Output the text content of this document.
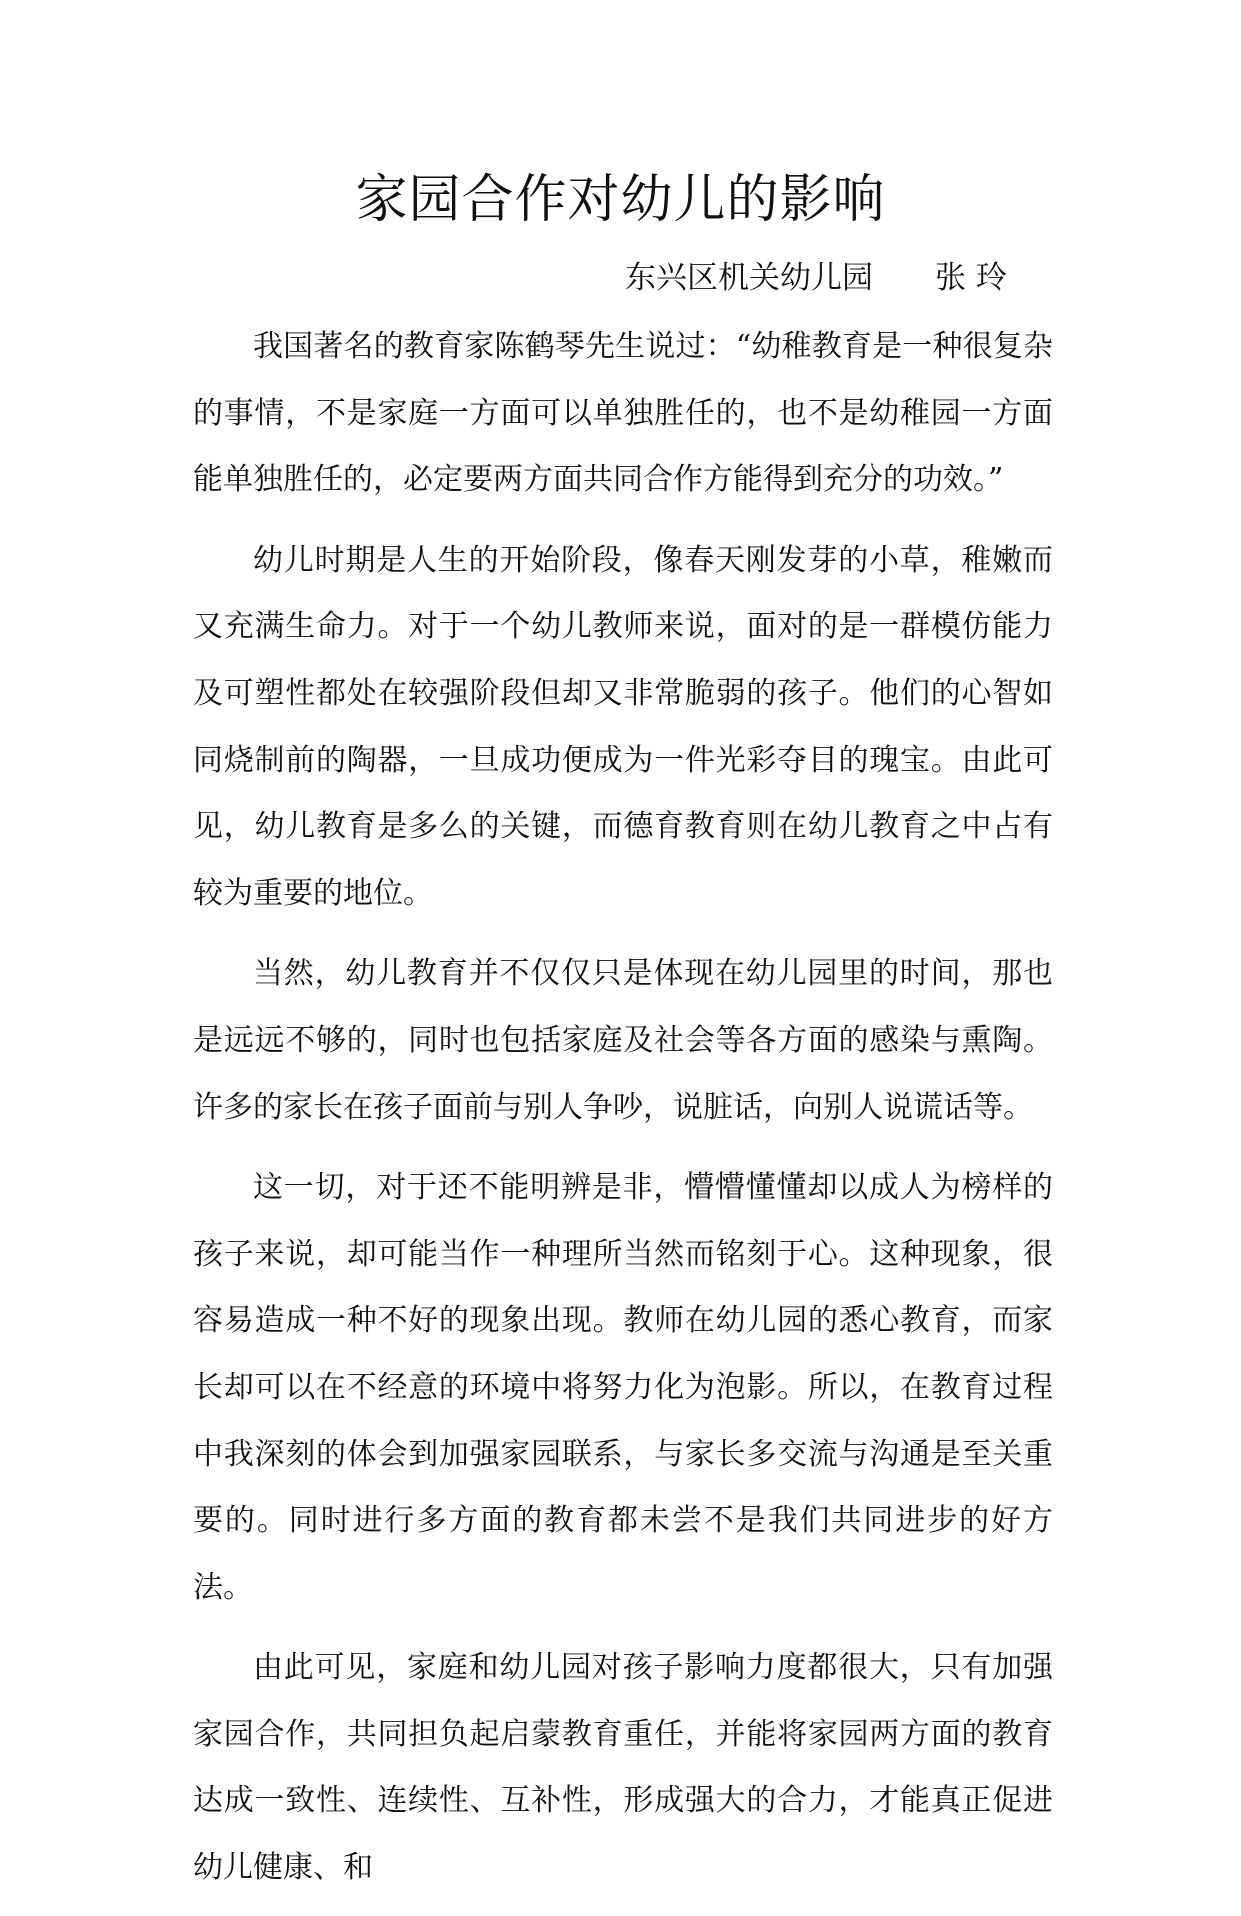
家园合作对幼儿的影响
东兴区机关幼儿园　　张 玲

我国著名的教育家陈鹤琴先生说过：“幼稚教育是一种很复杂的事情，不是家庭一方面可以单独胜任的，也不是幼稚园一方面能单独胜任的，必定要两方面共同合作方能得到充分的功效。”

幼儿时期是人生的开始阶段，像春天刚发芽的小草，稚嫩而又充满生命力。对于一个幼儿教师来说，面对的是一群模仿能力及可塑性都处在较强阶段但却又非常脆弱的孩子。他们的心智如同烧制前的陶器，一旦成功便成为一件光彩夺目的瑰宝。由此可见，幼儿教育是多么的关键，而德育教育则在幼儿教育之中占有较为重要的地位。

当然，幼儿教育并不仅仅只是体现在幼儿园里的时间，那也是远远不够的，同时也包括家庭及社会等各方面的感染与熏陶。许多的家长在孩子面前与别人争吵，说脏话，向别人说谎话等。

这一切，对于还不能明辨是非，懵懵懂懂却以成人为榜样的孩子来说，却可能当作一种理所当然而铭刻于心。这种现象，很容易造成一种不好的现象出现。教师在幼儿园的悉心教育，而家长却可以在不经意的环境中将努力化为泡影。所以，在教育过程中我深刻的体会到加强家园联系，与家长多交流与沟通是至关重要的。同时进行多方面的教育都未尝不是我们共同进步的好方法。

由此可见，家庭和幼儿园对孩子影响力度都很大，只有加强家园合作，共同担负起启蒙教育重任，并能将家园两方面的教育达成一致性、连续性、互补性，形成强大的合力，才能真正促进幼儿健康、和
